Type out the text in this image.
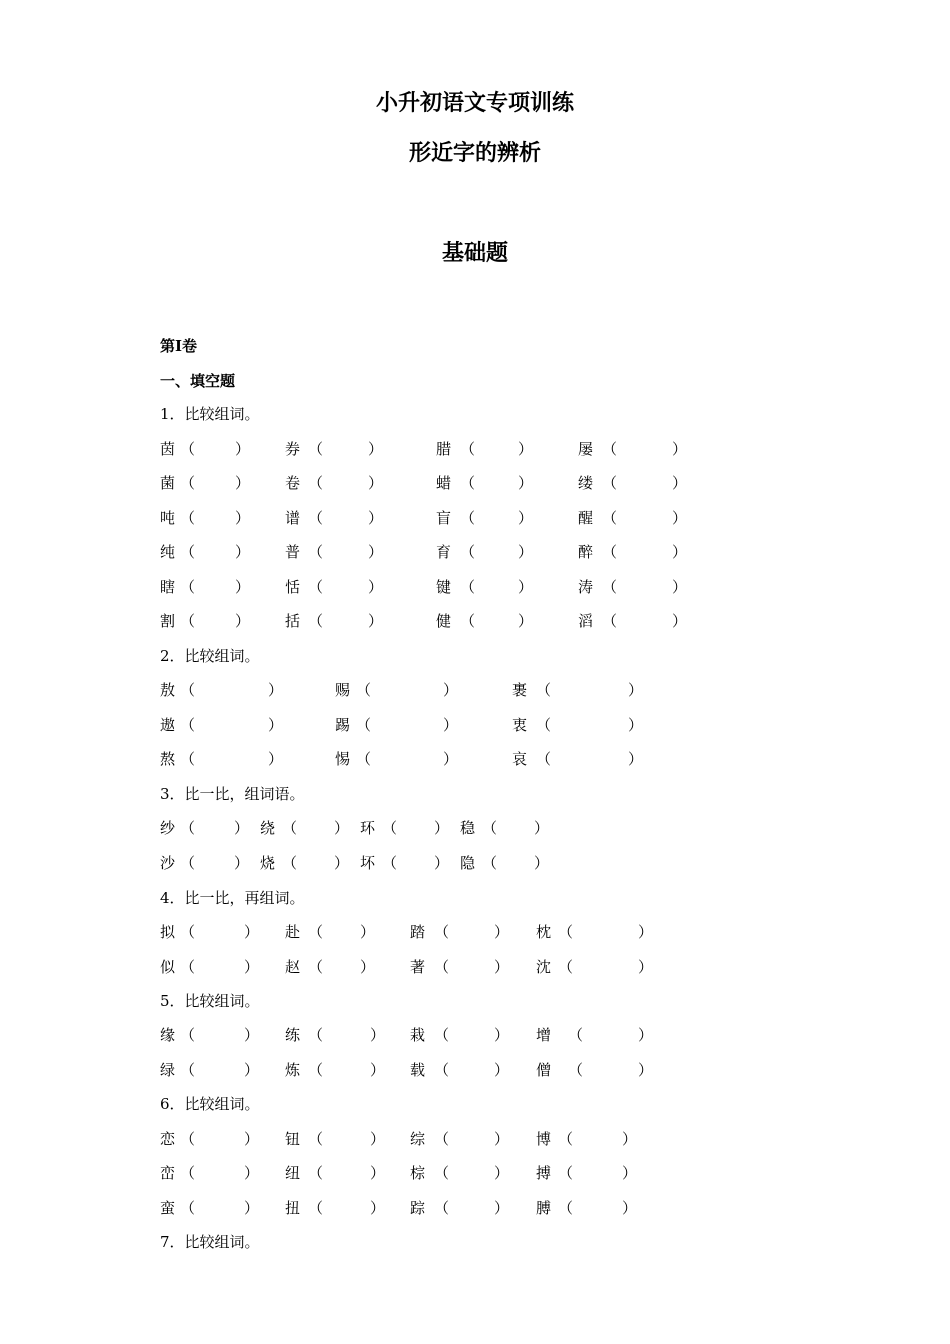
小升初语文专项训练
形近字的辨析
基础题
第Ⅰ卷
一、填空题
1．比较组词。
茵 （	） 券 （	）	腊 （	）	屡 （	）
菌 （	） 卷 （	）	蜡 （	）	缕 （	）
吨 （	） 谱 （	）	盲 （	）	醒 （	）
纯 （	） 普 （	）	育 （	）	醉 （	）
瞎 （	） 恬 （	）	键 （	）	涛 （	）
割 （	） 括 （	）	健 （	）	滔 （	）
2．比较组词。
敖 （	）	赐 （	）	裹 （	）
遨 （	）	踢 （	）	衷 （	）
熬 （	）	惕 （	）	哀 （	）
3．比一比，组词语。
纱 （	） 绕 （ ） 环 （ ） 稳 （ ）
沙 （	） 烧 （ ） 坏 （ ） 隐 （ ）
4．比一比，再组词。
拟 （	） 赴 （ ） 踏 （	） 枕 （	）
似 （	） 赵 （ ） 著 （	） 沈 （	）
5．比较组词。
缘 （	） 练 （	） 栽 （	） 增 （	）
绿 （	） 炼 （	） 载 （	） 僧 （	）
6．比较组词。
恋 （	） 钮 （	） 综 （	） 博 （	）
峦 （	） 纽 （	） 棕 （	） 搏 （	）
蛮 （	） 扭 （	） 踪 （	） 膊 （	）
7．比较组词。
